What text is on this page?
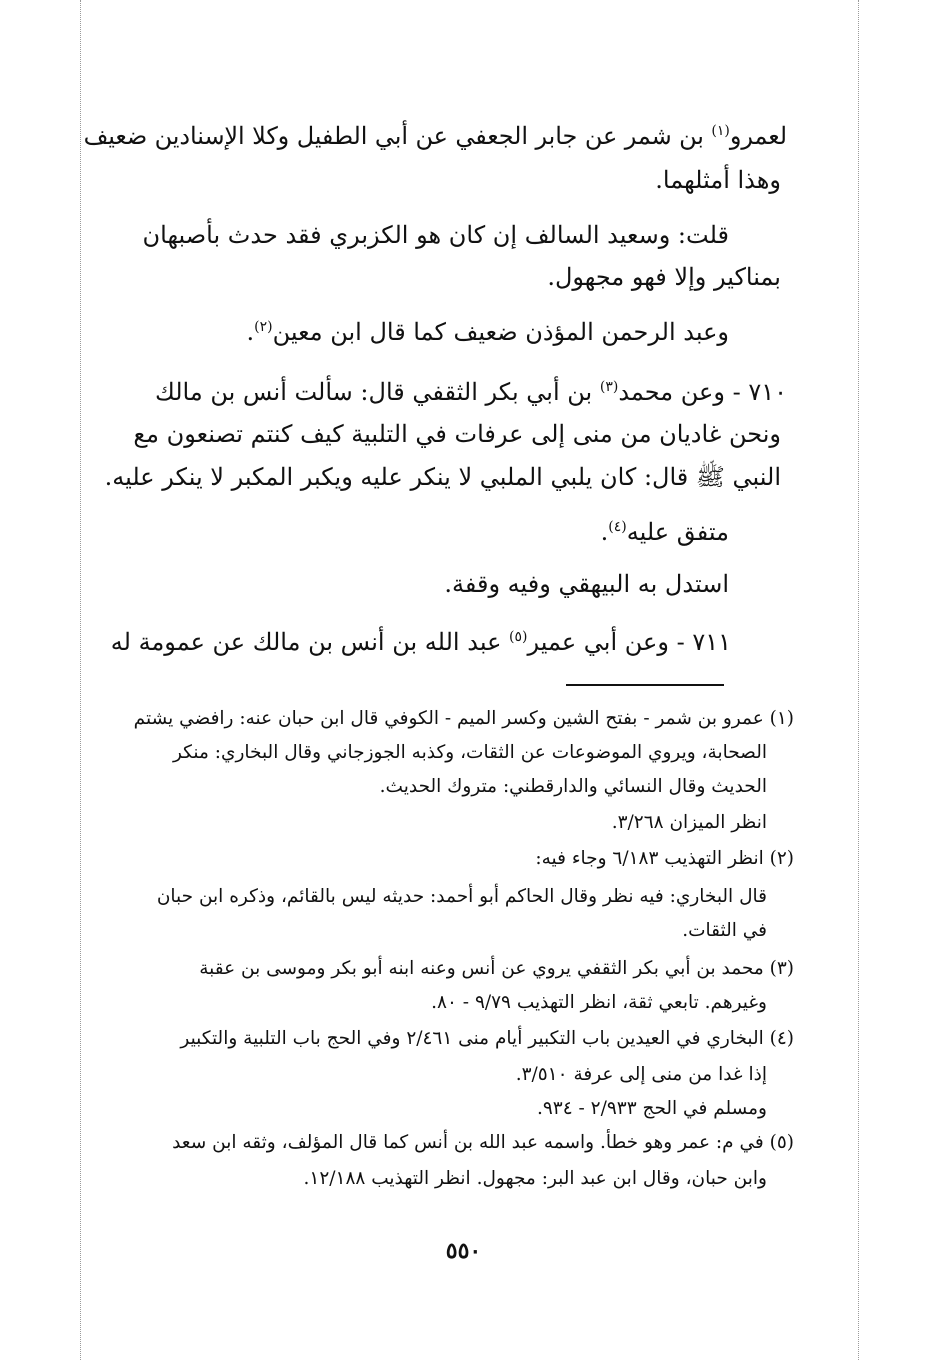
لعمرو$^{(١)}$ بن شمر عن جابر الجعفي عن أبي الطفيل وكلا الإسنادين ضعيف
وهذا أمثلهما.
قلت: وسعيد السالف إن كان هو الكزبري فقد حدث بأصبهان
بمناكير وإلا فهو مجهول.
وعبد الرحمن المؤذن ضعيف كما قال ابن معين$^{(٢)}$.
٧١٠ - وعن محمد$^{(٣)}$ بن أبي بكر الثقفي قال: سألت أنس بن مالك
ونحن غاديان من منى إلى عرفات في التلبية كيف كنتم تصنعون مع
النبي ﷺ قال: كان يلبي الملبي لا ينكر عليه ويكبر المكبر لا ينكر عليه.
متفق عليه$^{(٤)}$.
استدل به البيهقي وفيه وقفة.
٧١١ - وعن أبي عمير$^{(٥)}$ عبد الله بن أنس بن مالك عن عمومة له
(١) عمرو بن شمر - بفتح الشين وكسر الميم - الكوفي قال ابن حبان عنه: رافضي يشتم
الصحابة، ويروي الموضوعات عن الثقات، وكذبه الجوزجاني وقال البخاري: منكر
الحديث وقال النسائي والدارقطني: متروك الحديث.
انظر الميزان ٣/٢٦٨.
(٢) انظر التهذيب ٦/١٨٣ وجاء فيه:
قال البخاري: فيه نظر وقال الحاكم أبو أحمد: حديثه ليس بالقائم، وذكره ابن حبان
في الثقات.
(٣) محمد بن أبي بكر الثقفي يروي عن أنس وعنه ابنه أبو بكر وموسى بن عقبة
وغيرهم. تابعي ثقة، انظر التهذيب ٩/٧٩ - ٨٠.
(٤) البخاري في العيدين باب التكبير أيام منى ٢/٤٦١ وفي الحج باب التلبية والتكبير
إذا غدا من منى إلى عرفة ٣/٥١٠.
ومسلم في الحج ٢/٩٣٣ - ٩٣٤.
(٥) في م: عمر وهو خطأ. واسمه عبد الله بن أنس كما قال المؤلف، وثقه ابن سعد
وابن حبان، وقال ابن عبد البر: مجهول. انظر التهذيب ١٢/١٨٨.
٥٥٠
